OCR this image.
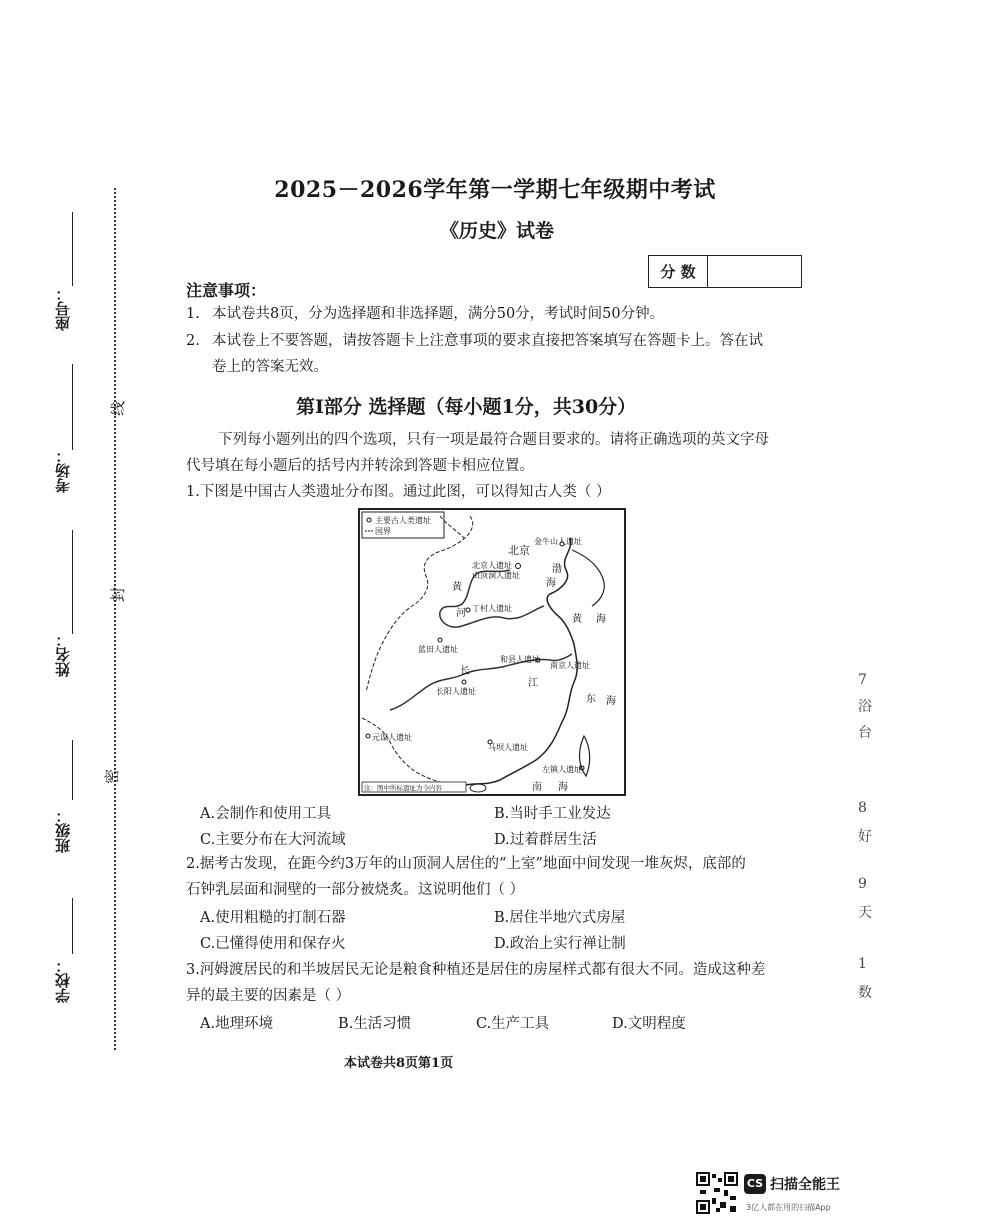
座号：
考场：
姓名：
班级：
学校：
线
封
密
2025－2026学年第一学期七年级期中考试
《历史》试卷
分 数
注意事项：
1. 本试卷共8页，分为选择题和非选择题，满分50分，考试时间50分钟。
2. 本试卷上不要答题，请按答题卡上注意事项的要求直接把答案填写在答题卡上。答在试
卷上的答案无效。
第Ⅰ部分 选择题（每小题1分，共30分）
下列每小题列出的四个选项，只有一项是最符合题目要求的。请将正确选项的英文字母
代号填在每小题后的括号内并转涂到答题卡相应位置。
1.下图是中国古人类遗址分布图。通过此图，可以得知古人类（ ）
主要古人类遗址
国界
金牛山人遗址
北京
北京人遗址
山顶洞人遗址
丁村人遗址
蓝田人遗址
和县人遗址
南京人遗址
长阳人遗址
元谋人遗址
马坝人遗址
左镇人遗址
渤
海
黄
河
黄 海
长
江
东 海
南 海
注：图中所标遗址为今内容
A.会制作和使用工具	B.当时手工业发达
C.主要分布在大河流域	D.过着群居生活
2.据考古发现，在距今约3万年的山顶洞人居住的“上室”地面中间发现一堆灰烬，底部的
石钟乳层面和洞壁的一部分被烧炙。这说明他们（ ）
A.使用粗糙的打制石器	B.居住半地穴式房屋
C.已懂得使用和保存火	D.政治上实行禅让制
3.河姆渡居民的和半坡居民无论是粮食种植还是居住的房屋样式都有很大不同。造成这种差
异的最主要的因素是（ ）
A.地理环境	B.生活习惯	C.生产工具	D.文明程度
本试卷共8页第1页
7
浴
台
8
好
9
天
1
数
CS 扫描全能王
3亿人都在用的扫描App
